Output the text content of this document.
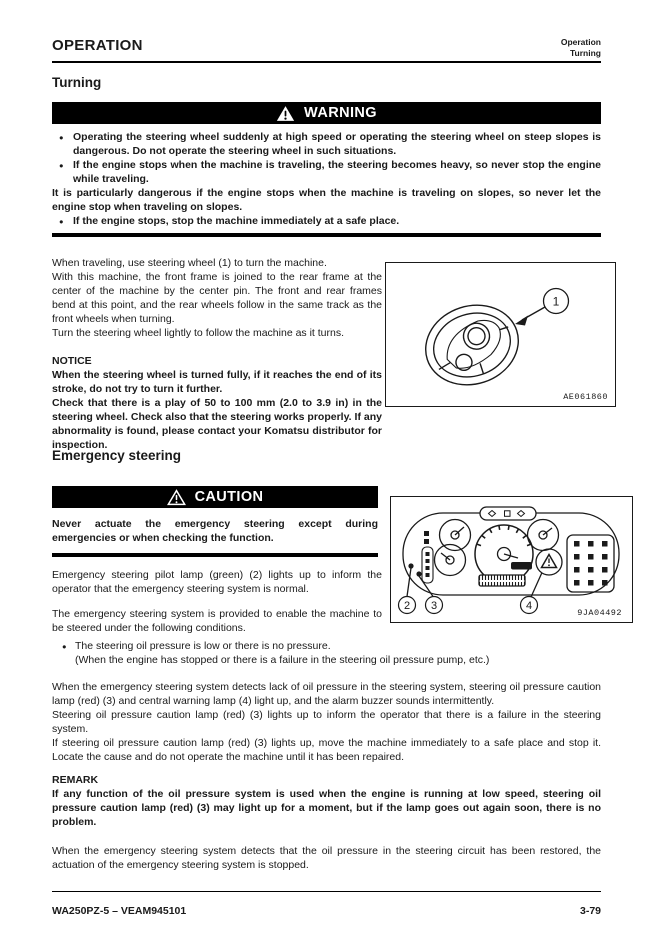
OPERATION	Operation
Turning
Turning
WARNING
● Operating the steering wheel suddenly at high speed or operating the steering wheel on steep slopes is dangerous. Do not operate the steering wheel in such situations.
● If the engine stops when the machine is traveling, the steering becomes heavy, so never stop the engine while traveling.
It is particularly dangerous if the engine stops when the machine is traveling on slopes, so never let the engine stop when traveling on slopes.
● If the engine stops, stop the machine immediately at a safe place.
When traveling, use steering wheel (1) to turn the machine.
With this machine, the front frame is joined to the rear frame at the center of the machine by the center pin. The front and rear frames bend at this point, and the rear wheels follow in the same track as the front wheels when turning.
Turn the steering wheel lightly to follow the machine as it turns.
NOTICE
When the steering wheel is turned fully, if it reaches the end of its stroke, do not try to turn it further.
Check that there is a play of 50 to 100 mm (2.0 to 3.9 in) in the steering wheel. Check also that the steering works properly. If any abnormality is found, please contact your Komatsu distributor for inspection.
1
AE061860
Emergency steering
CAUTION
Never actuate the emergency steering except during emergencies or when checking the function.
Emergency steering pilot lamp (green) (2) lights up to inform the operator that the emergency steering system is normal.
The emergency steering system is provided to enable the machine to be steered under the following conditions.
● The steering oil pressure is low or there is no pressure.
(When the engine has stopped or there is a failure in the steering oil pressure pump, etc.)
2 3	4
9JA04492
When the emergency steering system detects lack of oil pressure in the steering system, steering oil pressure caution lamp (red) (3) and central warning lamp (4) light up, and the alarm buzzer sounds intermittently.
Steering oil pressure caution lamp (red) (3) lights up to inform the operator that there is a failure in the steering system.
If steering oil pressure caution lamp (red) (3) lights up, move the machine immediately to a safe place and stop it. Locate the cause and do not operate the machine until it has been repaired.
REMARK
If any function of the oil pressure system is used when the engine is running at low speed, steering oil pressure caution lamp (red) (3) may light up for a moment, but if the lamp goes out again soon, there is no problem.
When the emergency steering system detects that the oil pressure in the steering circuit has been restored, the actuation of the emergency steering system is stopped.
WA250PZ-5 – VEAM945101	3-79
